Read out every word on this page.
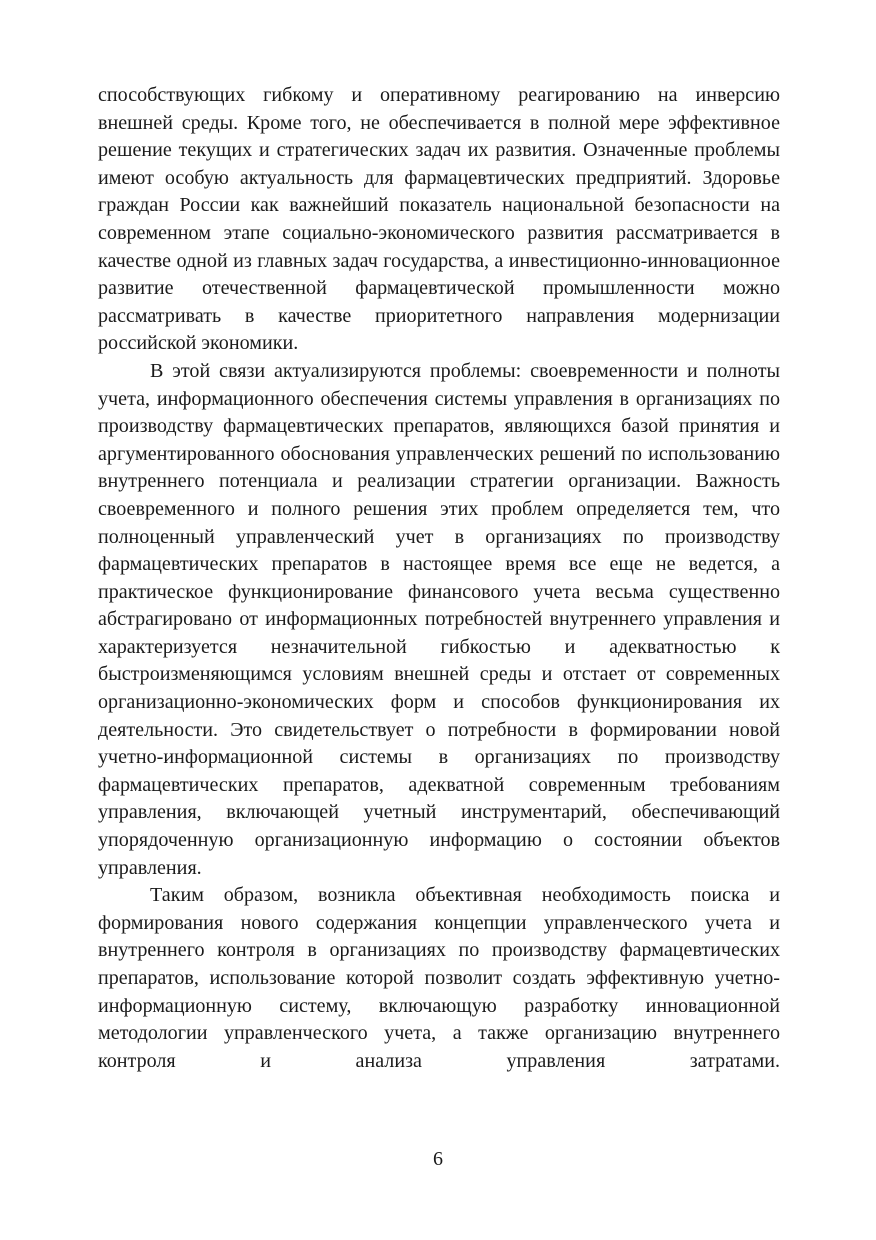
способствующих гибкому и оперативному реагированию на инверсию внешней среды. Кроме того, не обеспечивается в полной мере эффективное решение текущих и стратегических задач их развития. Означенные проблемы имеют особую актуальность для фармацевтических предприятий. Здоровье граждан России как важнейший показатель национальной безопасности на современном этапе социально-экономического развития рассматривается в качестве одной из главных задач государства, а инвестиционно-инновационное развитие отечественной фармацевтической промышленности можно рассматривать в качестве приоритетного направления модернизации российской экономики.

В этой связи актуализируются проблемы: своевременности и полноты учета, информационного обеспечения системы управления в организациях по производству фармацевтических препаратов, являющихся базой принятия и аргументированного обоснования управленческих решений по использованию внутреннего потенциала и реализации стратегии организации. Важность своевременного и полного решения этих проблем определяется тем, что полноценный управленческий учет в организациях по производству фармацевтических препаратов в настоящее время все еще не ведется, а практическое функционирование финансового учета весьма существенно абстрагировано от информационных потребностей внутреннего управления и характеризуется незначительной гибкостью и адекватностью к быстроизменяющимся условиям внешней среды и отстает от современных организационно-экономических форм и способов функционирования их деятельности. Это свидетельствует о потребности в формировании новой учетно-информационной системы в организациях по производству фармацевтических препаратов, адекватной современным требованиям управления, включающей учетный инструментарий, обеспечивающий упорядоченную организационную информацию о состоянии объектов управления.

Таким образом, возникла объективная необходимость поиска и формирования нового содержания концепции управленческого учета и внутреннего контроля в организациях по производству фармацевтических препаратов, использование которой позволит создать эффективную учетно-информационную систему, включающую разработку инновационной методологии управленческого учета, а также организацию внутреннего контроля и анализа управления затратами.

6
